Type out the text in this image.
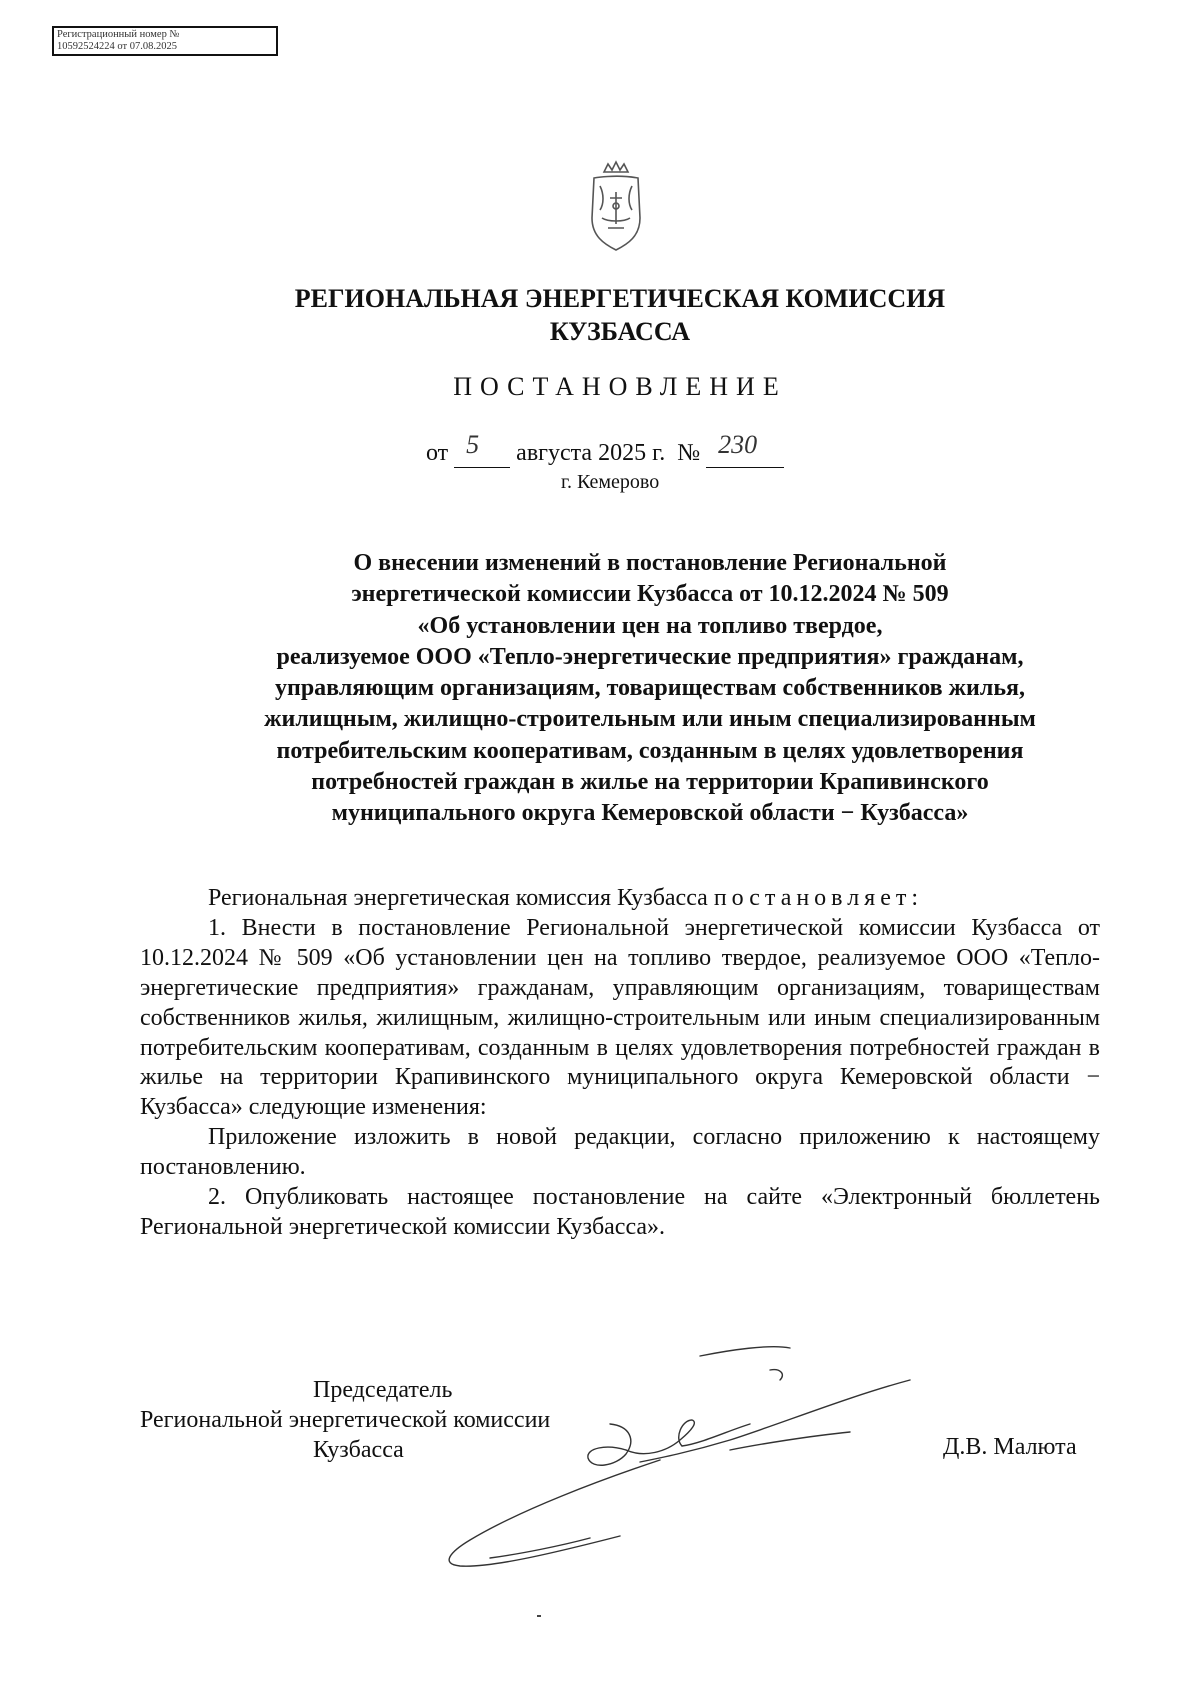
Регистрационный номер №
10592524224 от 07.08.2025
РЕГИОНАЛЬНАЯ ЭНЕРГЕТИЧЕСКАЯ КОМИССИЯ
КУЗБАССА
ПОСТАНОВЛЕНИЕ
от 5 августа 2025 г. № 230

г. Кемерово
О внесении изменений в постановление Региональной
энергетической комиссии Кузбасса от 10.12.2024 № 509
«Об установлении цен на топливо твердое,
реализуемое ООО «Тепло-энергетические предприятия» гражданам,
управляющим организациям, товариществам собственников жилья,
жилищным, жилищно-строительным или иным специализированным
потребительским кооперативам, созданным в целях удовлетворения
потребностей граждан в жилье на территории Крапивинского
муниципального округа Кемеровской области − Кузбасса»

Региональная энергетическая комиссия Кузбасса постановляет:

1. Внести в постановление Региональной энергетической комиссии Кузбасса от 10.12.2024 № 509 «Об установлении цен на топливо твердое, реализуемое ООО «Тепло-энергетические предприятия» гражданам, управляющим организациям, товариществам собственников жилья, жилищным, жилищно-строительным или иным специализированным потребительским кооперативам, созданным в целях удовлетворения потребностей граждан в жилье на территории Крапивинского муниципального округа Кемеровской области − Кузбасса» следующие изменения:

Приложение изложить в новой редакции, согласно приложению к настоящему постановлению.

2. Опубликовать настоящее постановление на сайте «Электронный бюллетень Региональной энергетической комиссии Кузбасса».

Председатель
Региональной энергетической комиссии
Кузбасса	Д.В. Малюта
